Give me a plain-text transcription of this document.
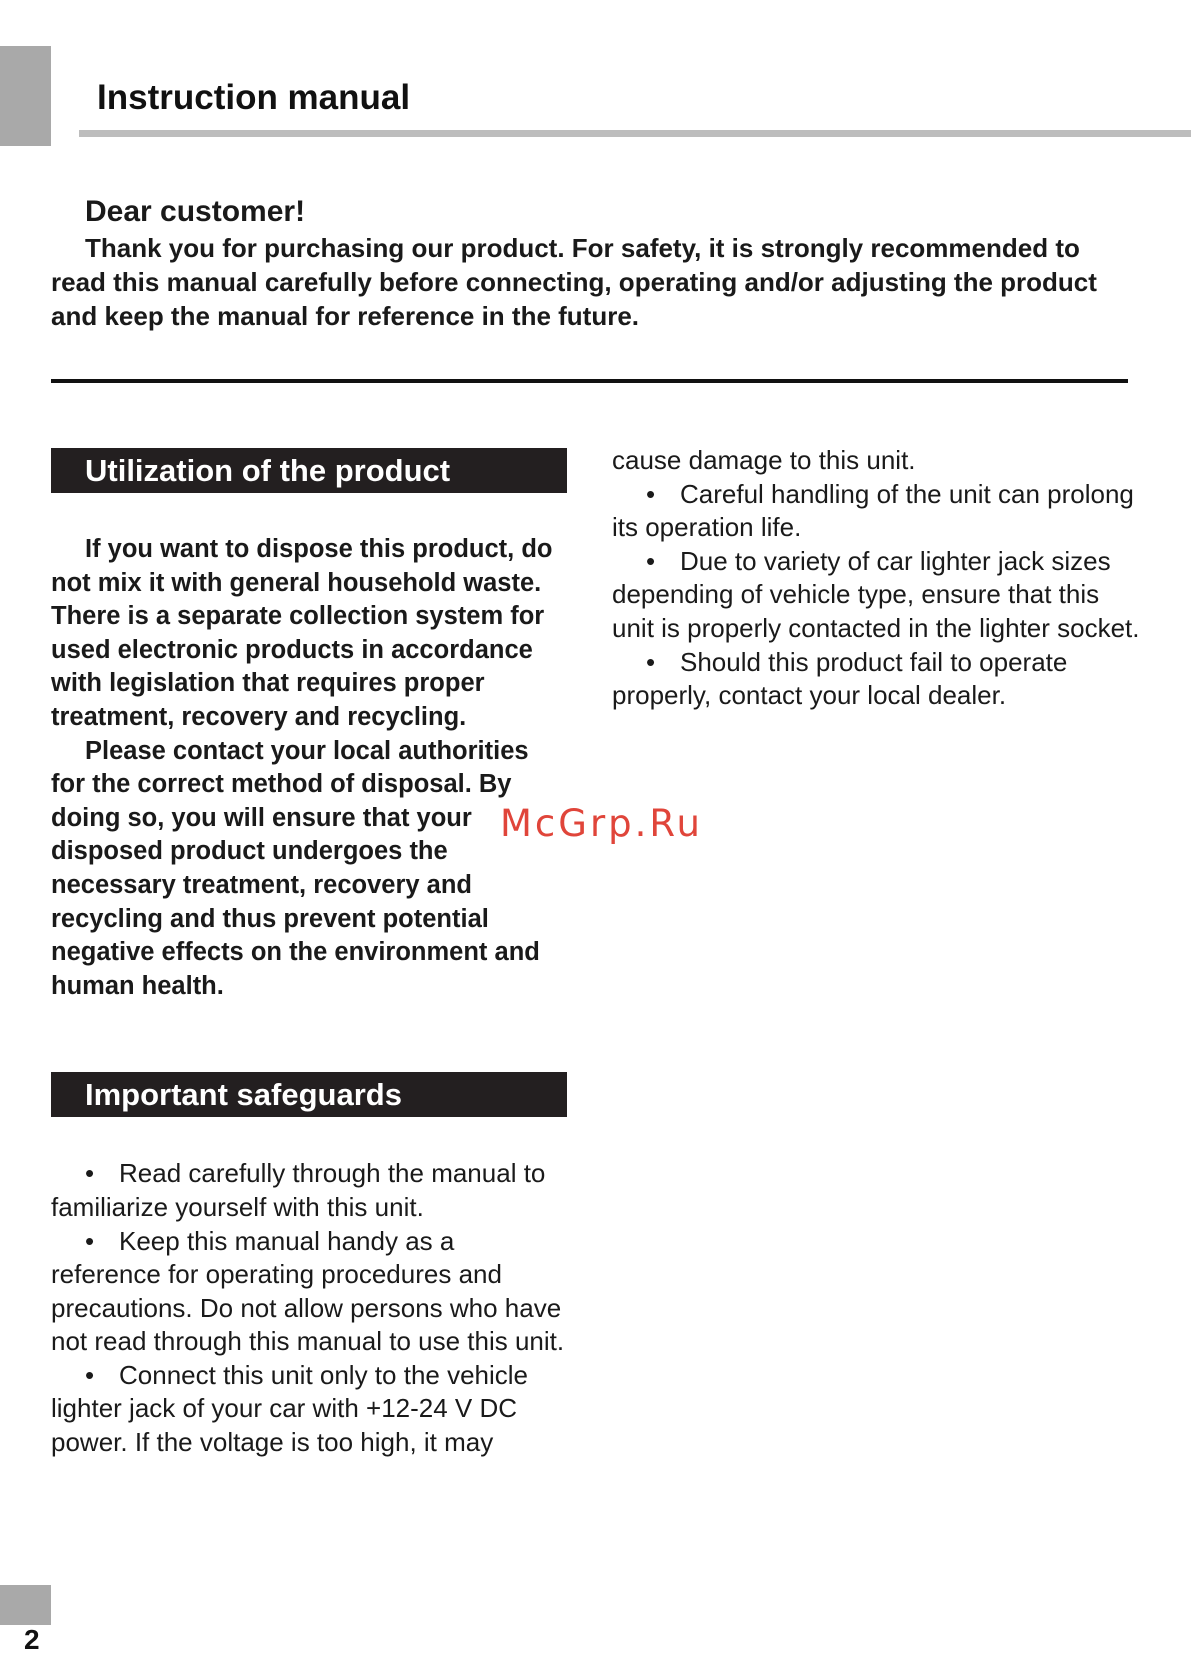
Instruction manual

Dear customer!

Thank you for purchasing our product. For safety, it is strongly recommended to read this manual carefully before connecting, operating and/or adjusting the product and keep the manual for reference in the future.

Utilization of the product

If you want to dispose this product, do not mix it with general household waste. There is a separate collection system for used electronic products in accordance with legislation that requires proper treatment, recovery and recycling.

Please contact your local authorities for the correct method of disposal. By doing so, you will ensure that your disposed product undergoes the necessary treatment, recovery and recycling and thus prevent potential negative effects on the environment and human health.

Important safeguards
• Read carefully through the manual to familiarize yourself with this unit.
• Keep this manual handy as a reference for operating procedures and precautions. Do not allow persons who have not read through this manual to use this unit.
• Connect this unit only to the vehicle lighter jack of your car with +12-24 V DC power. If the voltage is too high, it may

cause damage to this unit.

• Careful handling of the unit can prolong its operation life.
• Due to variety of car lighter jack sizes depending of vehicle type, ensure that this unit is properly contacted in the lighter socket.
• Should this product fail to operate properly, contact your local dealer.
McGrp.Ru
2
